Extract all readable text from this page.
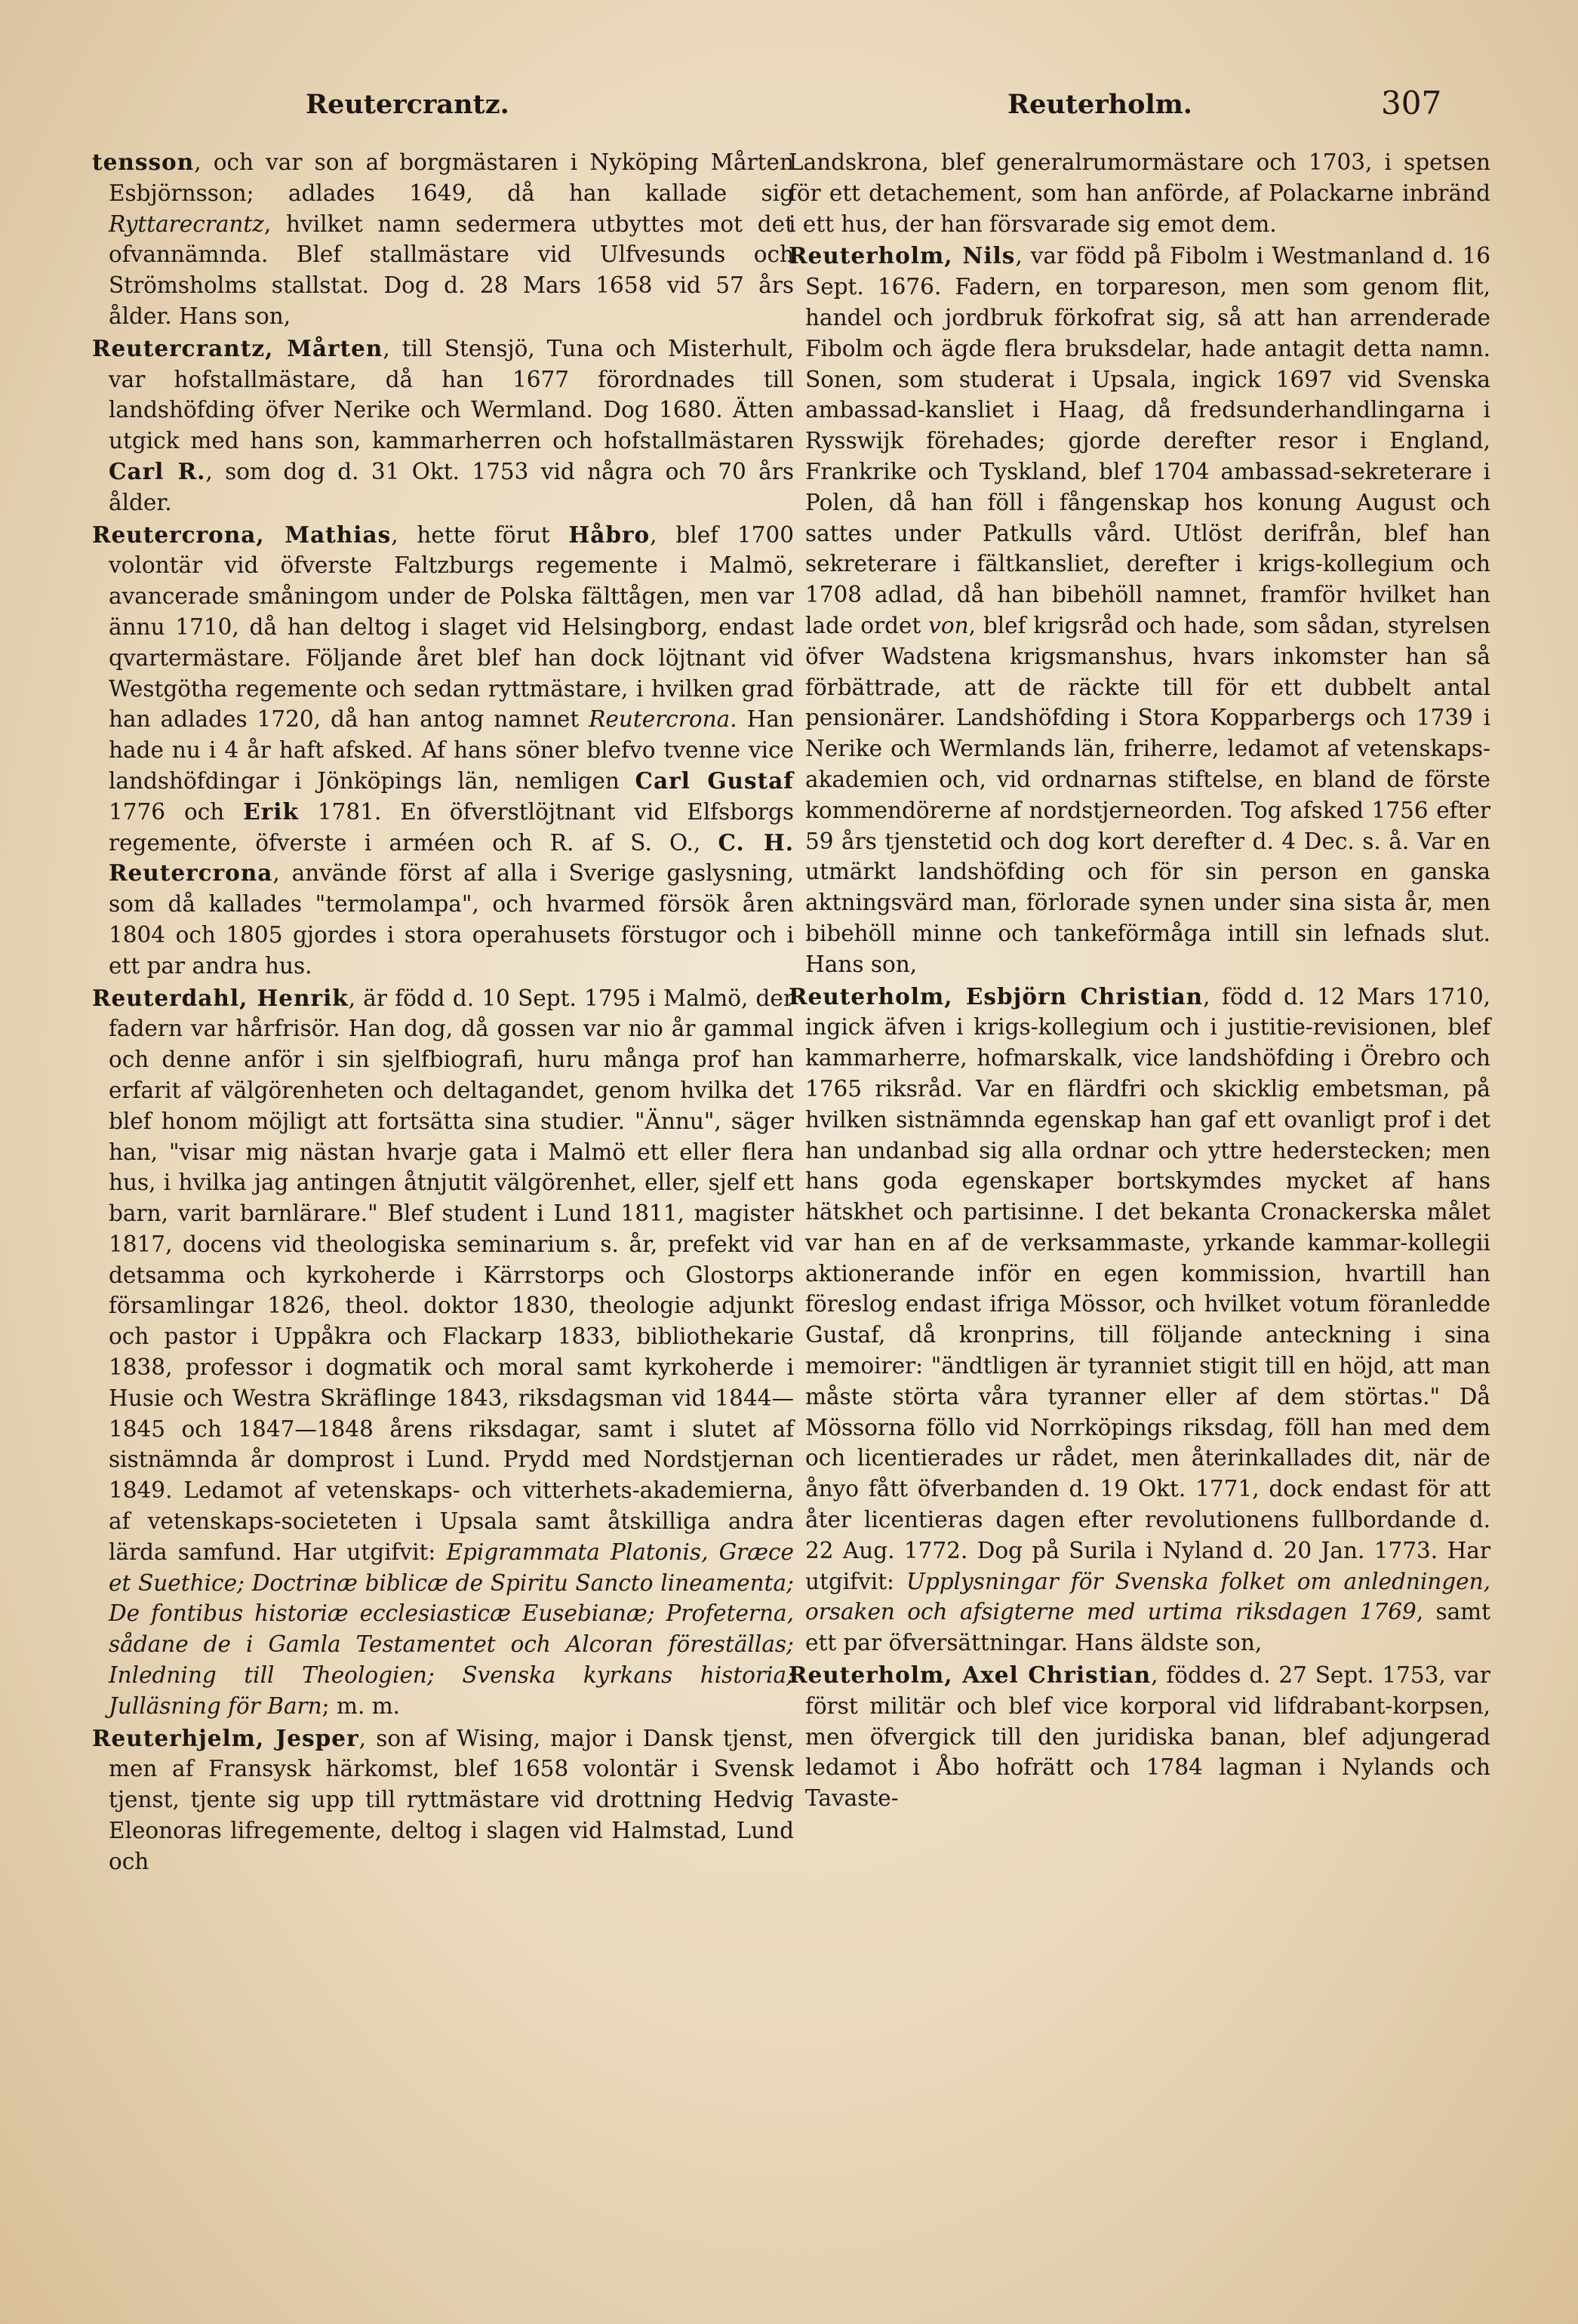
Reutercrantz.	Reuterholm.	307

tensson, och var son af borgmästaren i Nyköping Mårten Esbjörnsson; adlades 1649, då han kallade sig Ryttarecrantz, hvilket namn sedermera utbyttes mot det ofvannämnda. Blef stallmästare vid Ulfvesunds och Strömsholms stallstat. Dog d. 28 Mars 1658 vid 57 års ålder. Hans son,

Reutercrantz, Mårten, till Stensjö, Tuna och Misterhult, var hofstallmästare, då han 1677 förordnades till landshöfding öfver Nerike och Wermland. Dog 1680. Ätten utgick med hans son, kammarherren och hofstallmästaren Carl R., som dog d. 31 Okt. 1753 vid några och 70 års ålder.

Reutercrona, Mathias, hette förut Håbro, blef 1700 volontär vid öfverste Faltzburgs regemente i Malmö, avancerade småningom under de Polska fälttågen, men var ännu 1710, då han deltog i slaget vid Helsingborg, endast qvartermästare. Följande året blef han dock löjtnant vid Westgötha regemente och sedan ryttmästare, i hvilken grad han adlades 1720, då han antog namnet Reutercrona. Han hade nu i 4 år haft afsked. Af hans söner blefvo tvenne vice landshöfdingar i Jönköpings län, nemligen Carl Gustaf 1776 och Erik 1781. En öfverstlöjtnant vid Elfsborgs regemente, öfverste i arméen och R. af S. O., C. H. Reutercrona, använde först af alla i Sverige gaslysning, som då kallades "termolampa", och hvarmed försök åren 1804 och 1805 gjordes i stora operahusets förstugor och i ett par andra hus.

Reuterdahl, Henrik, är född d. 10 Sept. 1795 i Malmö, der fadern var hårfrisör. Han dog, då gossen var nio år gammal och denne anför i sin sjelfbiografi, huru många prof han erfarit af välgörenheten och deltagandet, genom hvilka det blef honom möjligt att fortsätta sina studier. "Ännu", säger han, "visar mig nästan hvarje gata i Malmö ett eller flera hus, i hvilka jag antingen åtnjutit välgörenhet, eller, sjelf ett barn, varit barnlärare." Blef student i Lund 1811, magister 1817, docens vid theologiska seminarium s. år, prefekt vid detsamma och kyrkoherde i Kärrstorps och Glostorps församlingar 1826, theol. doktor 1830, theologie adjunkt och pastor i Uppåkra och Flackarp 1833, bibliothekarie 1838, professor i dogmatik och moral samt kyrkoherde i Husie och Westra Skräflinge 1843, riksdagsman vid 1844—1845 och 1847—1848 årens riksdagar, samt i slutet af sistnämnda år domprost i Lund. Prydd med Nordstjernan 1849. Ledamot af vetenskaps- och vitterhets-akademierna, af vetenskaps-societeten i Upsala samt åtskilliga andra lärda samfund. Har utgifvit: Epigrammata Platonis, Græce et Suethice; Doctrinæ biblicæ de Spiritu Sancto lineamenta; De fontibus historiæ ecclesiasticæ Eusebianæ; Profeterna, sådane de i Gamla Testamentet och Alcoran föreställas; Inledning till Theologien; Svenska kyrkans historia; Julläsning för Barn; m. m.

Reuterhjelm, Jesper, son af Wising, major i Dansk tjenst, men af Fransysk härkomst, blef 1658 volontär i Svensk tjenst, tjente sig upp till ryttmästare vid drottning Hedvig Eleonoras lifregemente, deltog i slagen vid Halmstad, Lund och

Landskrona, blef generalrumormästare och 1703, i spetsen för ett detachement, som han anförde, af Polackarne inbränd i ett hus, der han försvarade sig emot dem.

Reuterholm, Nils, var född på Fibolm i Westmanland d. 16 Sept. 1676. Fadern, en torpareson, men som genom flit, handel och jordbruk förkofrat sig, så att han arrenderade Fibolm och ägde flera bruksdelar, hade antagit detta namn. Sonen, som studerat i Upsala, ingick 1697 vid Svenska ambassad-kansliet i Haag, då fredsunderhandlingarna i Rysswijk förehades; gjorde derefter resor i England, Frankrike och Tyskland, blef 1704 ambassad-sekreterare i Polen, då han föll i fångenskap hos konung August och sattes under Patkulls vård. Utlöst derifrån, blef han sekreterare i fältkansliet, derefter i krigs-kollegium och 1708 adlad, då han bibehöll namnet, framför hvilket han lade ordet von, blef krigsråd och hade, som sådan, styrelsen öfver Wadstena krigsmanshus, hvars inkomster han så förbättrade, att de räckte till för ett dubbelt antal pensionärer. Landshöfding i Stora Kopparbergs och 1739 i Nerike och Wermlands län, friherre, ledamot af vetenskaps-akademien och, vid ordnarnas stiftelse, en bland de förste kommendörerne af nordstjerneorden. Tog afsked 1756 efter 59 års tjenstetid och dog kort derefter d. 4 Dec. s. å. Var en utmärkt landshöfding och för sin person en ganska aktningsvärd man, förlorade synen under sina sista år, men bibehöll minne och tankeförmåga intill sin lefnads slut. Hans son,

Reuterholm, Esbjörn Christian, född d. 12 Mars 1710, ingick äfven i krigs-kollegium och i justitie-revisionen, blef kammarherre, hofmarskalk, vice landshöfding i Örebro och 1765 riksråd. Var en flärdfri och skicklig embetsman, på hvilken sistnämnda egenskap han gaf ett ovanligt prof i det han undanbad sig alla ordnar och yttre hedersteckеn; men hans goda egenskaper bortskymdes mycket af hans hätskhet och partisinne. I det bekanta Cronackerska målet var han en af de verksammaste, yrkande kammar-kollegii aktionerande inför en egen kommission, hvartill han föreslog endast ifriga Mössor, och hvilket votum föranledde Gustaf, då kronprins, till följande anteckning i sina memoirer: "ändtligen är tyranniet stigit till en höjd, att man måste störta våra tyranner eller af dem störtas." Då Mössorna föllo vid Norrköpings riksdag, föll han med dem och licentierades ur rådet, men återinkallades dit, när de ånyo fått öfverbanden d. 19 Okt. 1771, dock endast för att åter licentieras dagen efter revolutionens fullbordande d. 22 Aug. 1772. Dog på Surila i Nyland d. 20 Jan. 1773. Har utgifvit: Upplysningar för Svenska folket om anledningen, orsaken och afsigterne med urtima riksdagen 1769, samt ett par öfversättningar. Hans äldste son,

Reuterholm, Axel Christian, föddes d. 27 Sept. 1753, var först militär och blef vice korporal vid lifdrabant-korpsen, men öfvergick till den juridiska banan, blef adjungerad ledamot i Åbo hofrätt och 1784 lagman i Nylands och Tavaste-
